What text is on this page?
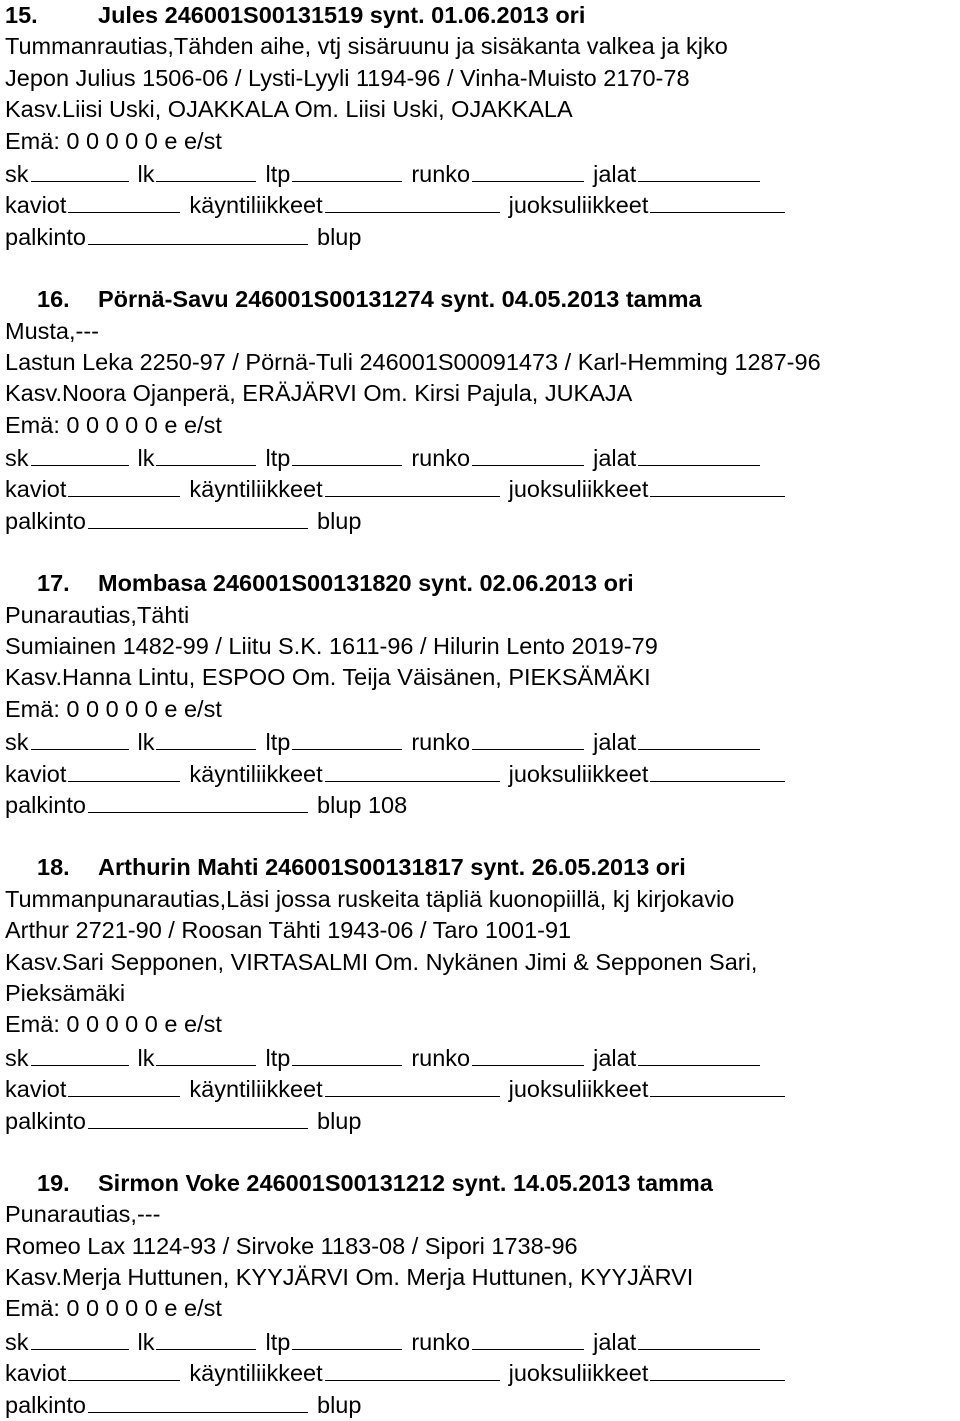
15.	Jules 246001S00131519 synt. 01.06.2013 ori
Tummanrautias,Tähden aihe, vtj sisäruunu ja sisäkanta valkea ja kjko
Jepon Julius 1506-06 / Lysti-Lyyli 1194-96 / Vinha-Muisto 2170-78
Kasv.Liisi Uski, OJAKKALA Om. Liisi Uski, OJAKKALA
Emä: 0 0 0 0 0 e e/st
sk	lk	ltp	runko	jalat
kaviot	käyntiliikkeet	juoksuliikkeet
palkinto	blup
16. Pörnä-Savu 246001S00131274 synt. 04.05.2013 tamma
Musta,---
Lastun Leka 2250-97 / Pörnä-Tuli 246001S00091473 / Karl-Hemming 1287-96
Kasv.Noora Ojanperä, ERÄJÄRVI Om. Kirsi Pajula, JUKAJA
Emä: 0 0 0 0 0 e e/st
sk	lk	ltp	runko	jalat
kaviot	käyntiliikkeet	juoksuliikkeet
palkinto	blup
17. Mombasa 246001S00131820 synt. 02.06.2013 ori
Punarautias,Tähti
Sumiainen 1482-99 / Liitu S.K. 1611-96 / Hilurin Lento 2019-79
Kasv.Hanna Lintu, ESPOO Om. Teija Väisänen, PIEKSÄMÄKI
Emä: 0 0 0 0 0 e e/st
sk	lk	ltp	runko	jalat
kaviot	käyntiliikkeet	juoksuliikkeet
palkinto	blup 108
18. Arthurin Mahti 246001S00131817 synt. 26.05.2013 ori
Tummanpunarautias,Läsi jossa ruskeita täpliä kuonopiillä, kj kirjokavio
Arthur 2721-90 / Roosan Tähti 1943-06 / Taro 1001-91
Kasv.Sari Sepponen, VIRTASALMI Om. Nykänen Jimi & Sepponen Sari,
Pieksämäki
Emä: 0 0 0 0 0 e e/st
sk	lk	ltp	runko	jalat
kaviot	käyntiliikkeet	juoksuliikkeet
palkinto	blup
19. Sirmon Voke 246001S00131212 synt. 14.05.2013 tamma
Punarautias,---
Romeo Lax 1124-93 / Sirvoke 1183-08 / Sipori 1738-96
Kasv.Merja Huttunen, KYYJÄRVI Om. Merja Huttunen, KYYJÄRVI
Emä: 0 0 0 0 0 e e/st
sk	lk	ltp	runko	jalat
kaviot	käyntiliikkeet	juoksuliikkeet
palkinto	blup
